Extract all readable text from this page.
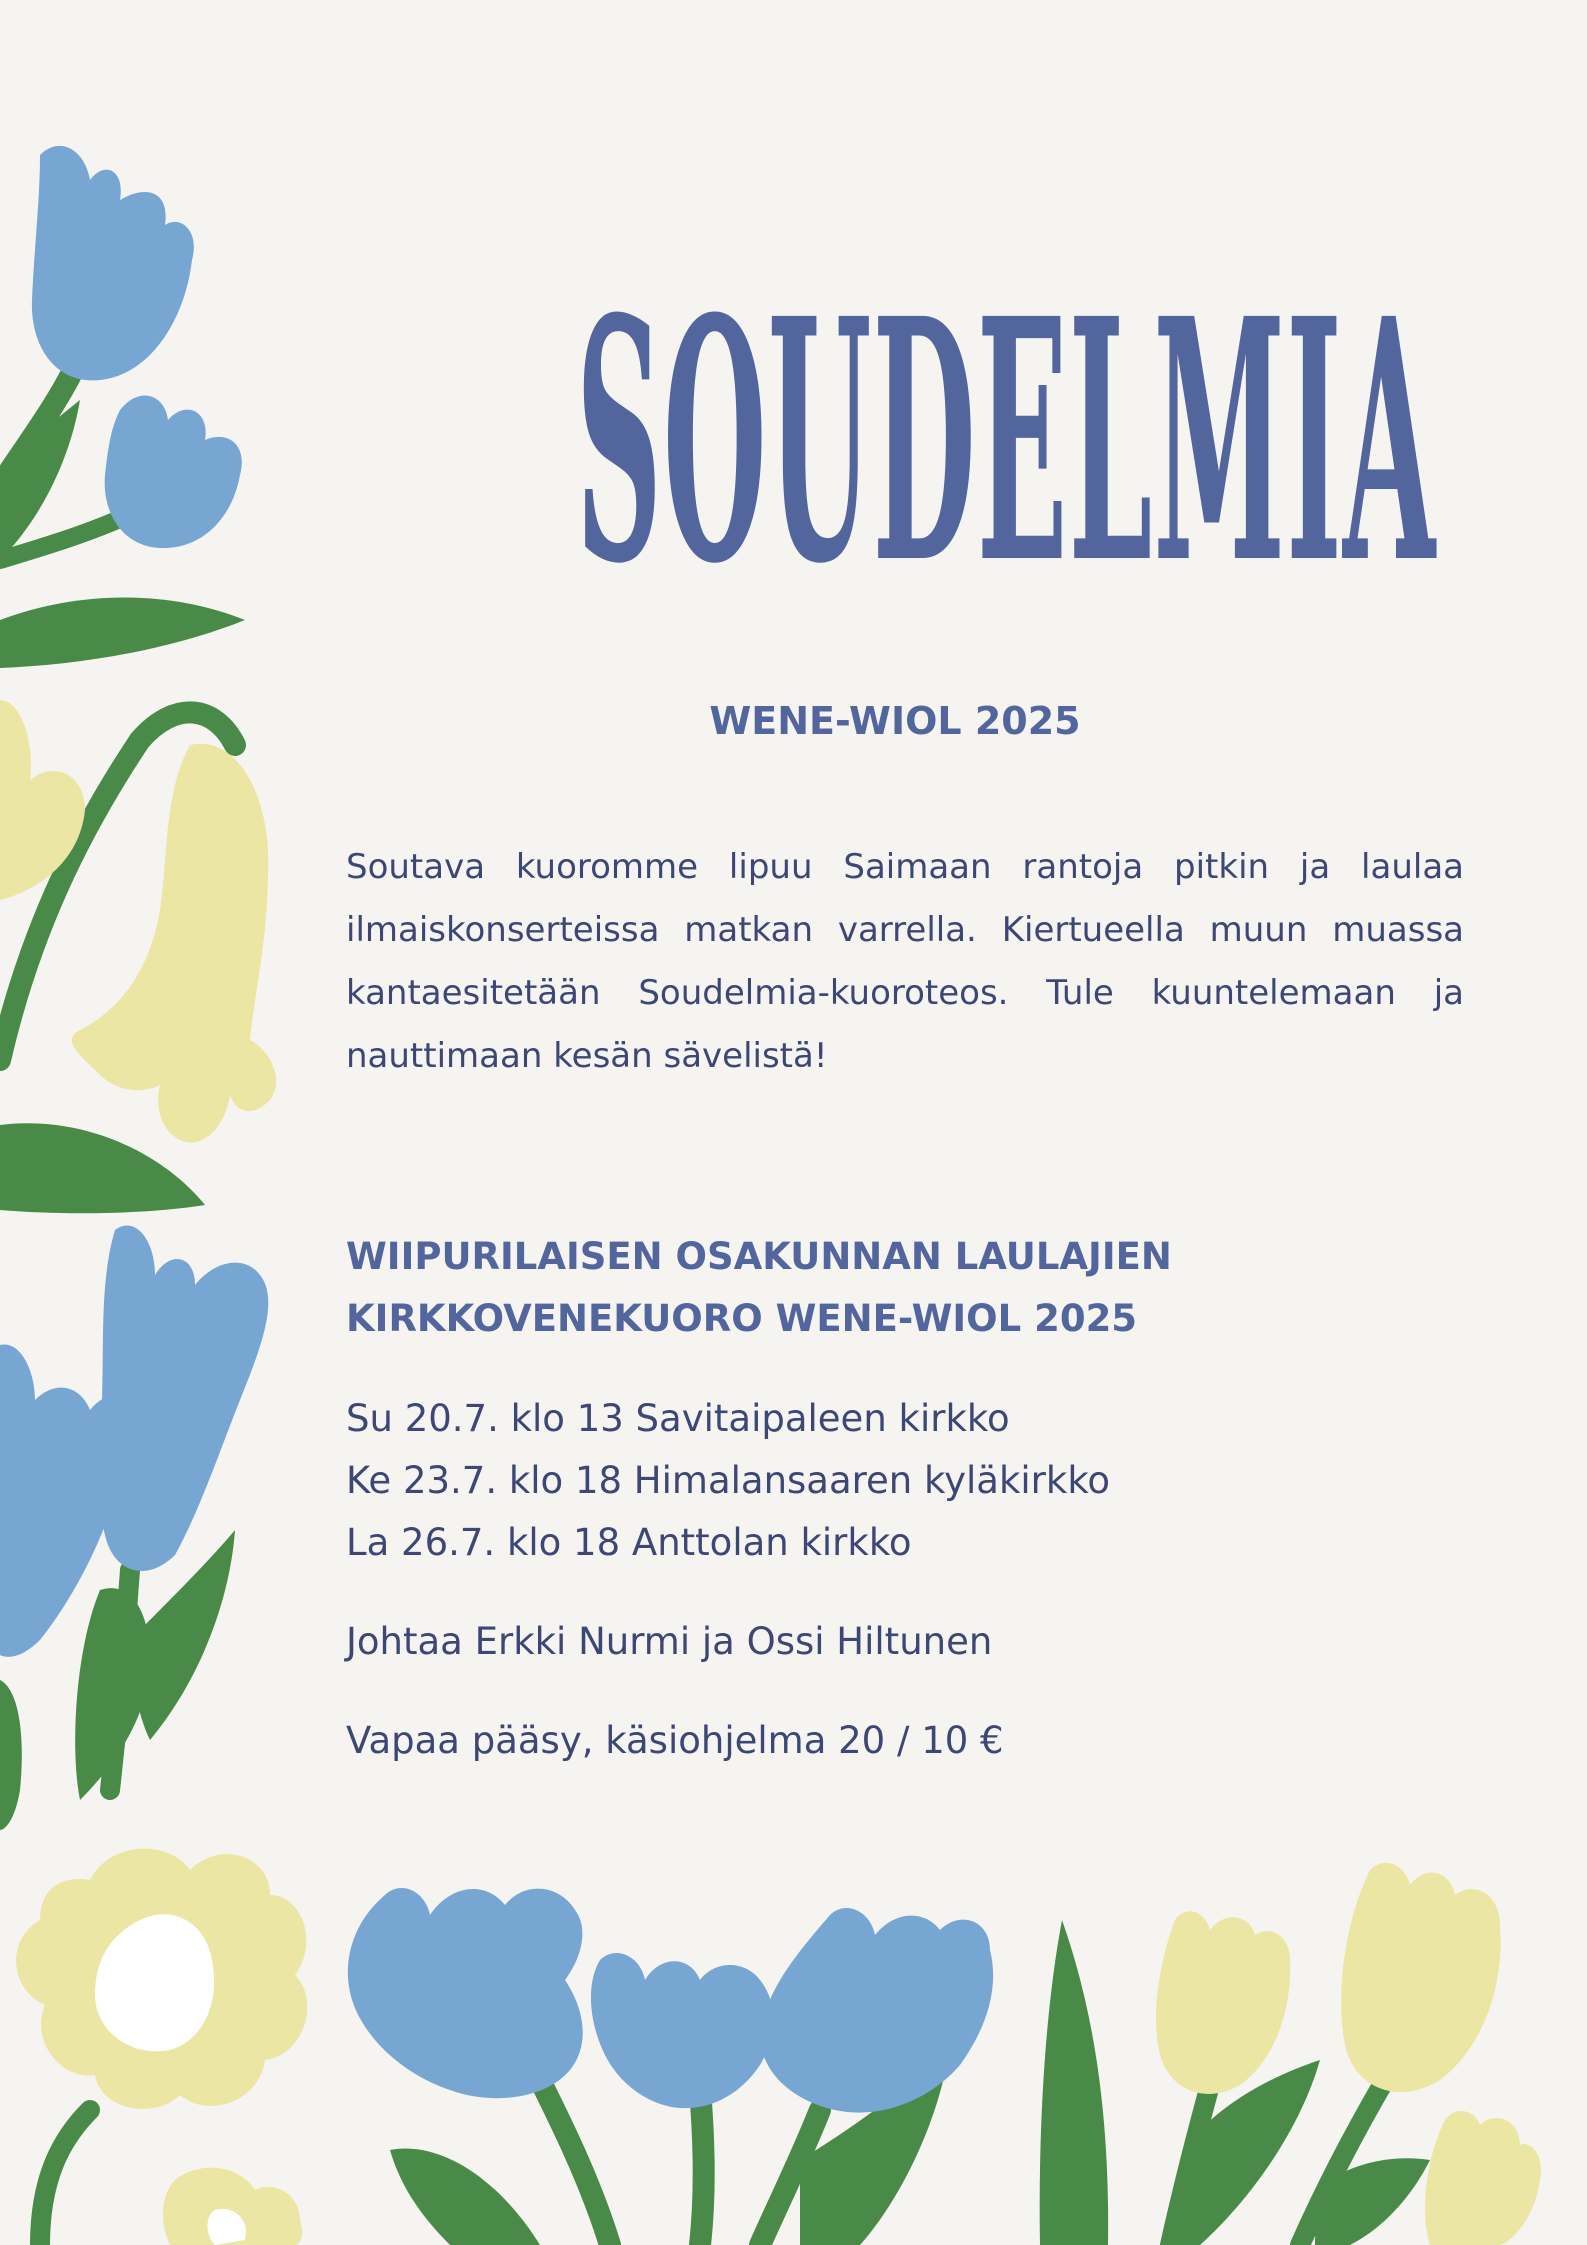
SOUDELMIA

WENE-WIOL 2025

Soutava kuoromme lipuu Saimaan rantoja pitkin ja laulaa ilmaiskonserteissa matkan varrella. Kiertueella muun muassa kantaesitetään Soudelmia-kuoroteos. Tule kuuntelemaan ja nauttimaan kesän sävelistä!

WIIPURILAISEN OSAKUNNAN LAULAJIEN
KIRKKOVENEKUORO WENE-WIOL 2025
Su 20.7. klo 13 Savitaipaleen kirkko
Ke 23.7. klo 18 Himalansaaren kyläkirkko
La 26.7. klo 18 Anttolan kirkko

Johtaa Erkki Nurmi ja Ossi Hiltunen

Vapaa pääsy, käsiohjelma 20 / 10 €
